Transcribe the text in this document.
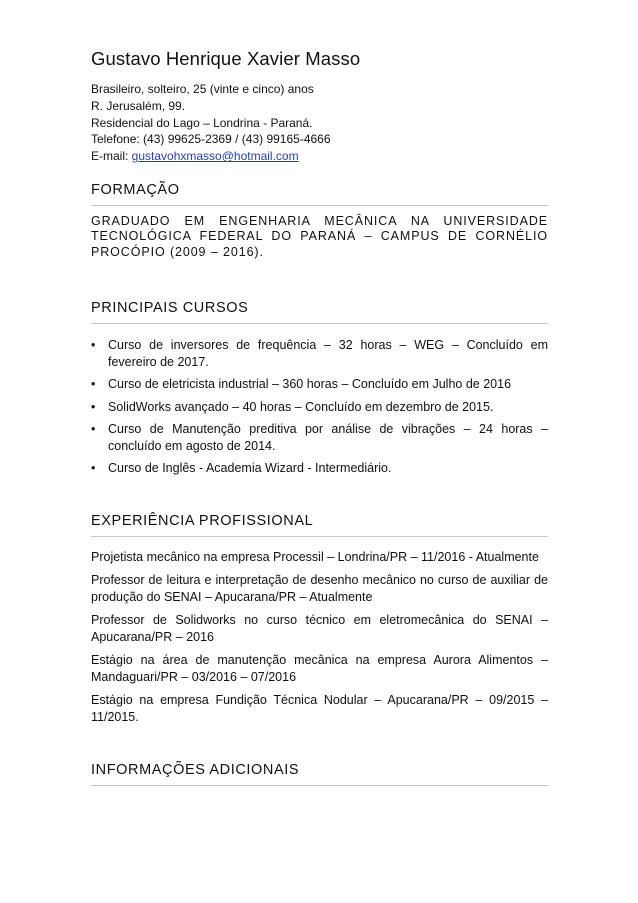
Gustavo Henrique Xavier Masso

Brasileiro, solteiro, 25 (vinte e cinco) anos

R. Jerusalém, 99.

Residencial do Lago – Londrina - Paraná.

Telefone: (43) 99625-2369 / (43) 99165-4666

E-mail: gustavohxmasso@hotmail.com

FORMAÇÃO
GRADUADO EM ENGENHARIA MECÂNICA NA UNIVERSIDADE TECNOLÓGICA FEDERAL DO PARANÁ – CAMPUS DE CORNÉLIO PROCÓPIO (2009 – 2016).
PRINCIPAIS CURSOS
• Curso de inversores de frequência – 32 horas – WEG – Concluído em fevereiro de 2017.
• Curso de eletricista industrial – 360 horas – Concluído em Julho de 2016
• SolidWorks avançado – 40 horas – Concluído em dezembro de 2015.
• Curso de Manutenção preditiva por análise de vibrações – 24 horas – concluído em agosto de 2014.
• Curso de Inglês - Academia Wizard - Intermediário.
EXPERIÊNCIA PROFISSIONAL

Projetista mecânico na empresa Processil – Londrina/PR – 11/2016 - Atualmente

Professor de leitura e interpretação de desenho mecânico no curso de auxiliar de produção do SENAI – Apucarana/PR – Atualmente

Professor de Solidworks no curso técnico em eletromecânica do SENAI – Apucarana/PR – 2016

Estágio na área de manutenção mecânica na empresa Aurora Alimentos – Mandaguari/PR – 03/2016 – 07/2016

Estágio na empresa Fundição Técnica Nodular – Apucarana/PR – 09/2015 – 11/2015.

INFORMAÇÕES ADICIONAIS
